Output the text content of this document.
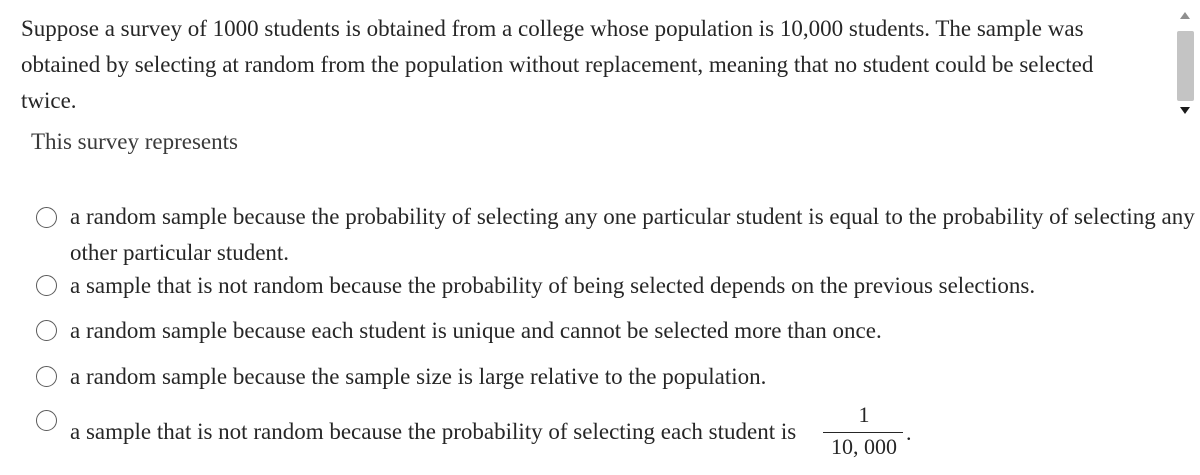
Suppose a survey of 1000 students is obtained from a college whose population is 10,000 students. The sample was obtained by selecting at random from the population without replacement, meaning that no student could be selected twice.
This survey represents
a random sample because the probability of selecting any one particular student is equal to the probability of selecting any other particular student.
a sample that is not random because the probability of being selected depends on the previous selections.
a random sample because each student is unique and cannot be selected more than once.
a random sample because the sample size is large relative to the population.
a sample that is not random because the probability of selecting each student is
1
10, 000
.
